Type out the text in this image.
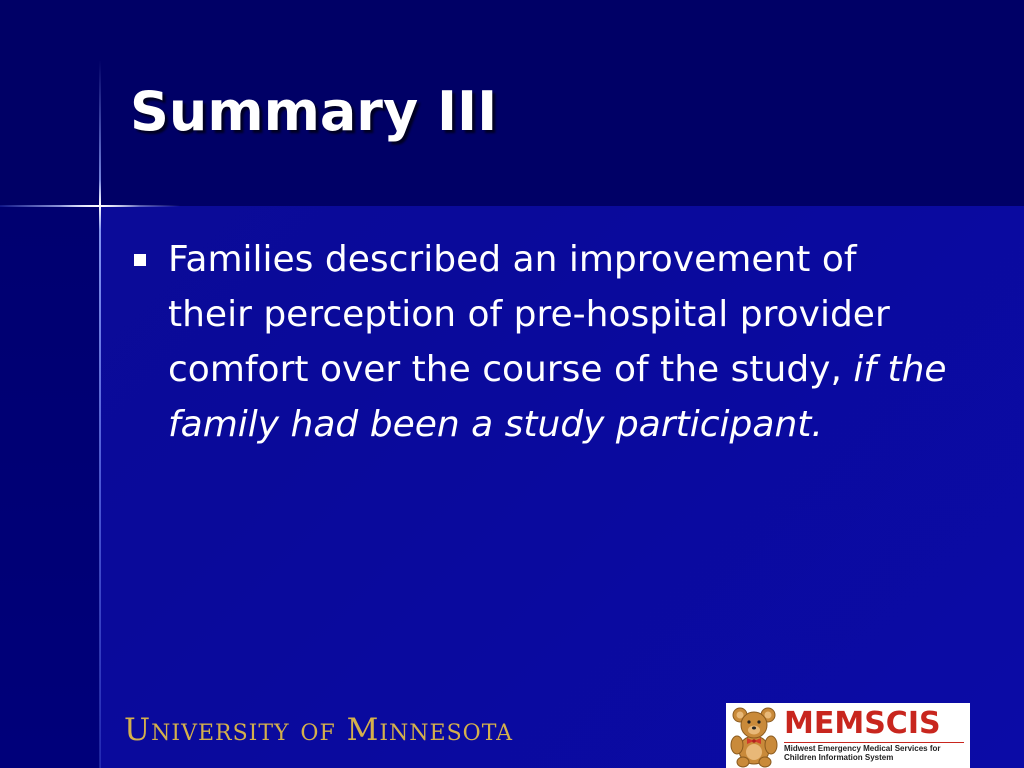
Summary III
Families described an improvement of their perception of pre-hospital provider comfort over the course of the study, if the family had been a study participant.
UNIVERSITY OF MINNESOTA	MEMSCIS
Midwest Emergency Medical Services for Children Information System
